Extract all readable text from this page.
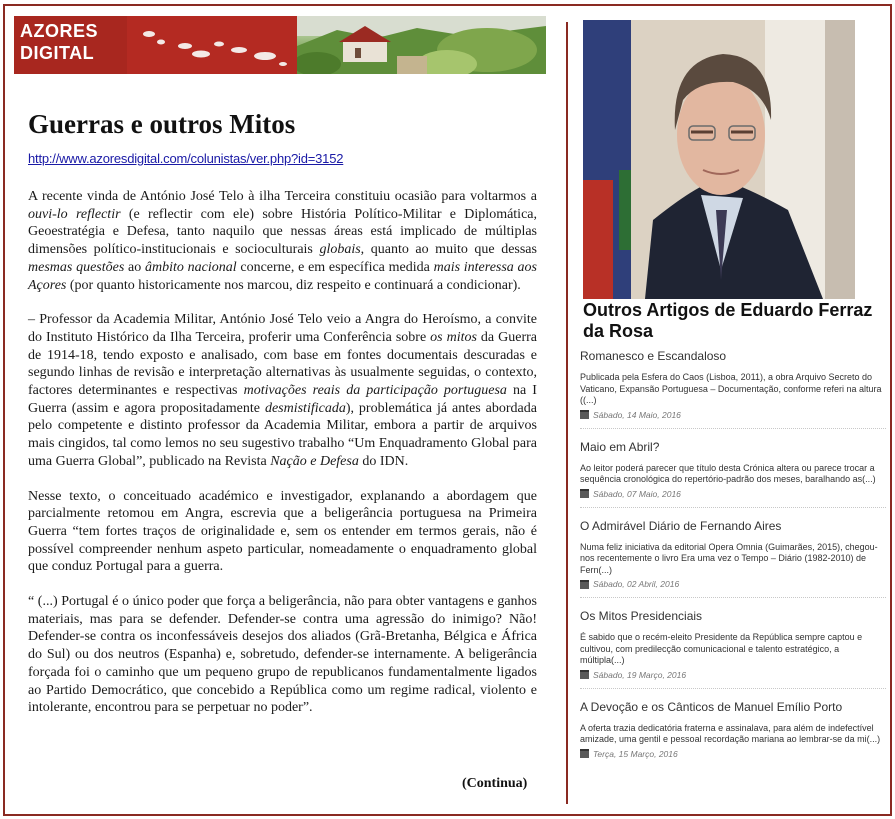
AZORES
DIGITAL
Guerras e outros Mitos
http://www.azoresdigital.com/colunistas/ver.php?id=3152

A recente vinda de António José Telo à ilha Terceira constituiu ocasião para voltarmos a ouvi-lo reflectir (e reflectir com ele) sobre História Político-Militar e Diplomática, Geoestratégia e Defesa, tanto naquilo que nessas áreas está implicado de múltiplas dimensões político-institucionais e socioculturais globais, quanto ao muito que dessas mesmas questões ao âmbito nacional concerne, e em específica medida mais interessa aos Açores (por quanto historicamente nos marcou, diz respeito e continuará a condicionar).

– Professor da Academia Militar, António José Telo veio a Angra do Heroísmo, a convite do Instituto Histórico da Ilha Terceira, proferir uma Conferência sobre os mitos da Guerra de 1914-18, tendo exposto e analisado, com base em fontes documentais descuradas e segundo linhas de revisão e interpretação alternativas às usualmente seguidas, o contexto, factores determinantes e respectivas motivações reais da participação portuguesa na I Guerra (assim e agora propositadamente desmistificada), problemática já antes abordada pelo competente e distinto professor da Academia Militar, embora a partir de arquivos mais cingidos, tal como lemos no seu sugestivo trabalho “Um Enquadramento Global para uma Guerra Global”, publicado na Revista Nação e Defesa do IDN.

Nesse texto, o conceituado académico e investigador, explanando a abordagem que parcialmente retomou em Angra, escrevia que a beligerância portuguesa na Primeira Guerra “tem fortes traços de originalidade e, sem os entender em termos gerais, não é possível compreender nenhum aspeto particular, nomeadamente o enquadramento global que conduz Portugal para a guerra.

“ (...) Portugal é o único poder que força a beligerância, não para obter vantagens e ganhos materiais, mas para se defender. Defender-se contra uma agressão do inimigo? Não! Defender-se contra os inconfessáveis desejos dos aliados (Grã-Bretanha, Bélgica e África do Sul) ou dos neutros (Espanha) e, sobretudo, defender-se internamente. A beligerância forçada foi o caminho que um pequeno grupo de republicanos fundamentalmente ligados ao Partido Democrático, que concebido a República como um regime radical, violento e intolerante, encontrou para se perpetuar no poder”.

(Continua)
Outros Artigos de Eduardo Ferraz da Rosa
Romanesco e Escandaloso
Publicada pela Esfera do Caos (Lisboa, 2011), a obra Arquivo Secreto do Vaticano, Expansão Portuguesa – Documentação, conforme referi na altura ((...)
Sábado, 14 Maio, 2016
Maio em Abril?
Ao leitor poderá parecer que título desta Crónica altera ou parece trocar a sequência cronológica do repertório-padrão dos meses, baralhando as(...)
Sábado, 07 Maio, 2016
O Admirável Diário de Fernando Aires
Numa feliz iniciativa da editorial Opera Omnia (Guimarães, 2015), chegou-nos recentemente o livro Era uma vez o Tempo – Diário (1982-2010) de Fern(...)
Sábado, 02 Abril, 2016
Os Mitos Presidenciais
É sabido que o recém-eleito Presidente da República sempre captou e cultivou, com predilecção comunicacional e talento estratégico, a múltipla(...)
Sábado, 19 Março, 2016
A Devoção e os Cânticos de Manuel Emílio Porto
A oferta trazia dedicatória fraterna e assinalava, para além de indefectível amizade, uma gentil e pessoal recordação mariana ao lembrar-se da mi(...)
Terça, 15 Março, 2016
